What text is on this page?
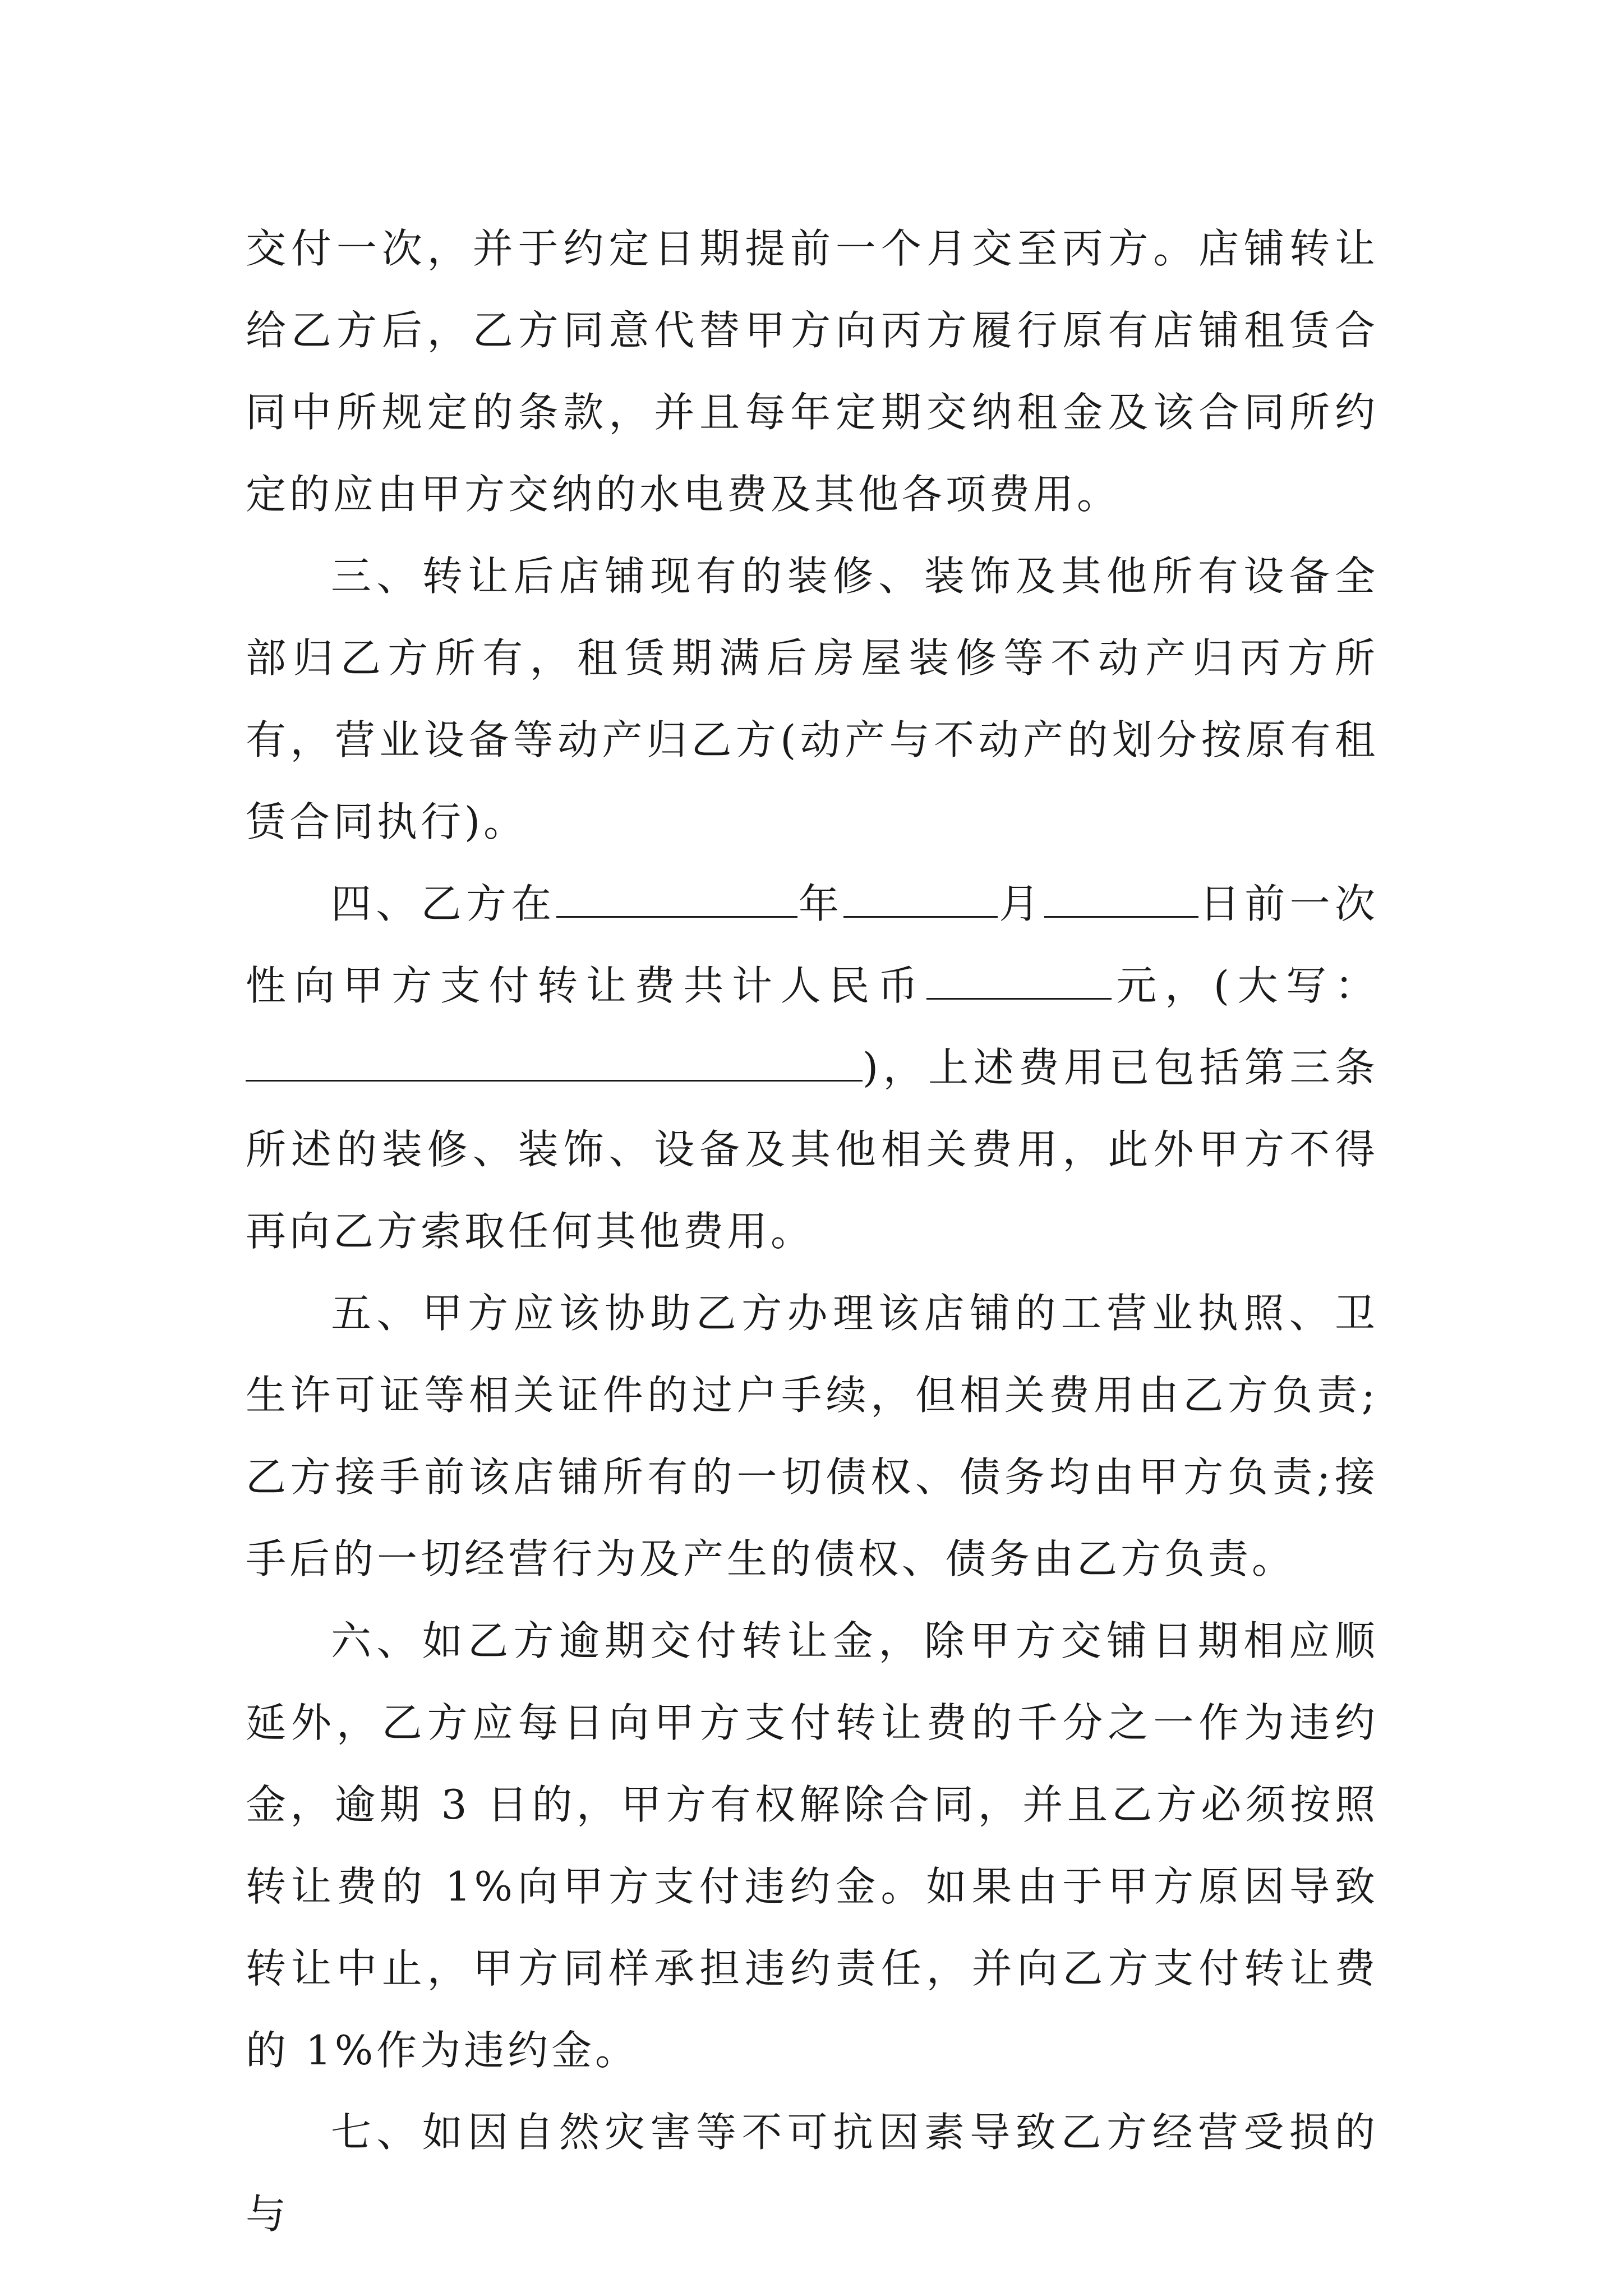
交付一次，并于约定日期提前一个月交至丙方。店铺转让给乙方后，乙方同意代替甲方向丙方履行原有店铺租赁合同中所规定的条款，并且每年定期交纳租金及该合同所约定的应由甲方交纳的水电费及其他各项费用。

三、转让后店铺现有的装修、装饰及其他所有设备全部归乙方所有，租赁期满后房屋装修等不动产归丙方所有，营业设备等动产归乙方(动产与不动产的划分按原有租赁合同执行)。

四、乙方在	年	月	日前一次性向甲方支付转让费共计人民币	元，(大写：)，上述费用已包括第三条所述的装修、装饰、设备及其他相关费用，此外甲方不得再向乙方索取任何其他费用。

五、甲方应该协助乙方办理该店铺的工营业执照、卫生许可证等相关证件的过户手续，但相关费用由乙方负责;乙方接手前该店铺所有的一切债权、债务均由甲方负责;接手后的一切经营行为及产生的债权、债务由乙方负责。

六、如乙方逾期交付转让金，除甲方交铺日期相应顺延外，乙方应每日向甲方支付转让费的千分之一作为违约金，逾期 3 日的，甲方有权解除合同，并且乙方必须按照转让费的 1%向甲方支付违约金。如果由于甲方原因导致转让中止，甲方同样承担违约责任，并向乙方支付转让费的 1%作为违约金。

七、如因自然灾害等不可抗因素导致乙方经营受损的与
